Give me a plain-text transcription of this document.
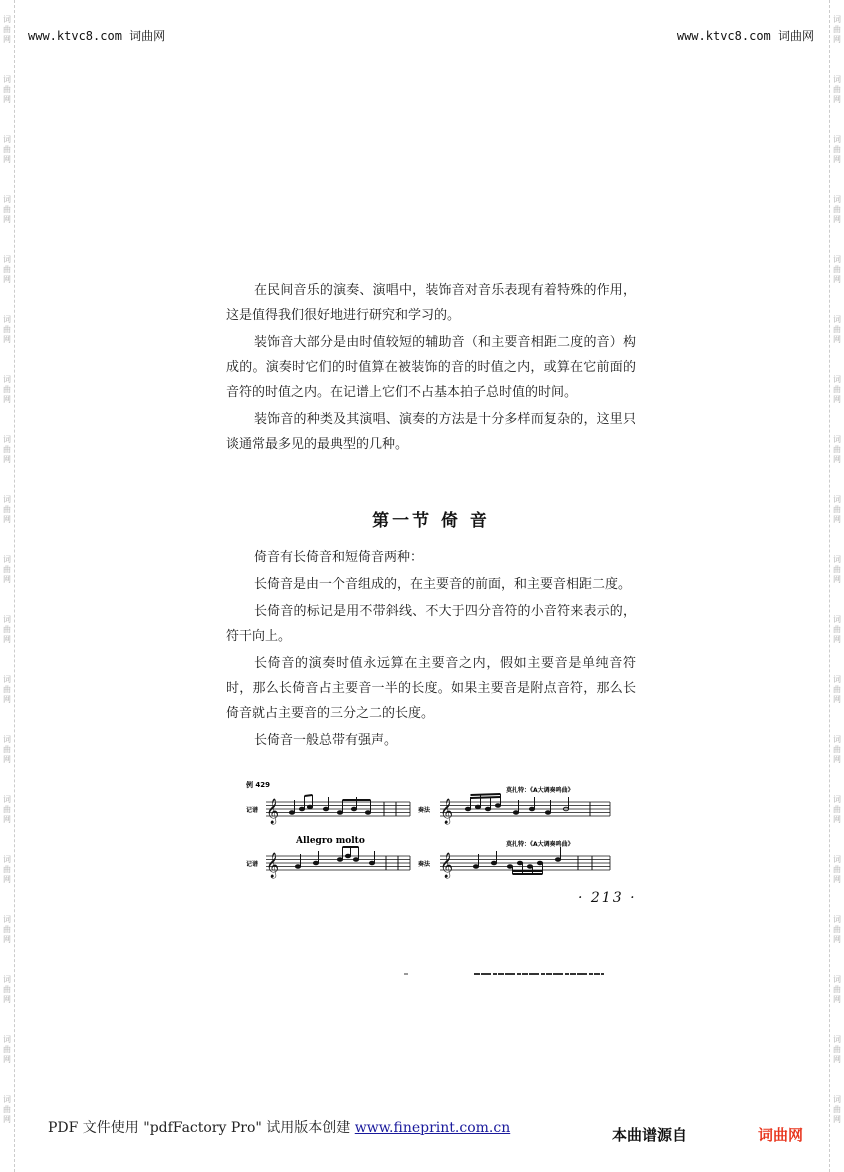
词
曲
网
词
曲
网
词
曲
网
词
曲
网
词
曲
网
词
曲
网
词
曲
网
词
曲
网
词
曲
网
词
曲
网
词
曲
网
词
曲
网
词
曲
网
词
曲
网
词
曲
网
词
曲
网
词
曲
网
词
曲
网
词
曲
网
词
曲
网
词
曲
网
词
曲
网
词
曲
网
词
曲
网
词
曲
网
词
曲
网
词
曲
网
词
曲
网
词
曲
网
词
曲
网
词
曲
网
词
曲
网
词
曲
网
词
曲
网
词
曲
网
词
曲
网
词
曲
网
词
曲
网
www.ktvc8.com 词曲网	www.ktvc8.com 词曲网

在民间音乐的演奏、演唱中，装饰音对音乐表现有着特殊的作用，这是值得我们很好地进行研究和学习的。

装饰音大部分是由时值较短的辅助音（和主要音相距二度的音）构成的。演奏时它们的时值算在被装饰的音的时值之内，或算在它前面的音符的时值之内。在记谱上它们不占基本拍子总时值的时间。

装饰音的种类及其演唱、演奏的方法是十分多样而复杂的，这里只谈通常最多见的最典型的几种。

第一节 倚 音

倚音有长倚音和短倚音两种：

长倚音是由一个音组成的，在主要音的前面，和主要音相距二度。

长倚音的标记是用不带斜线、不大于四分音符的小音符来表示的，符干向上。

长倚音的演奏时值永远算在主要音之内，假如主要音是单纯音符时，那么长倚音占主要音一半的长度。如果主要音是附点音符，那么长倚音就占主要音的三分之二的长度。

长倚音一般总带有强声。

例 429
莫扎特：《A大调奏鸣曲》
Allegro molto	莫扎特：《A大调奏鸣曲》
记谱	奏法
记谱	奏法
𝄞	𝄞
𝄞	𝄞
· 213 ·
PDF 文件使用 "pdfFactory Pro" 试用版本创建 www.fineprint.com.cn	本曲谱源自	词曲网
